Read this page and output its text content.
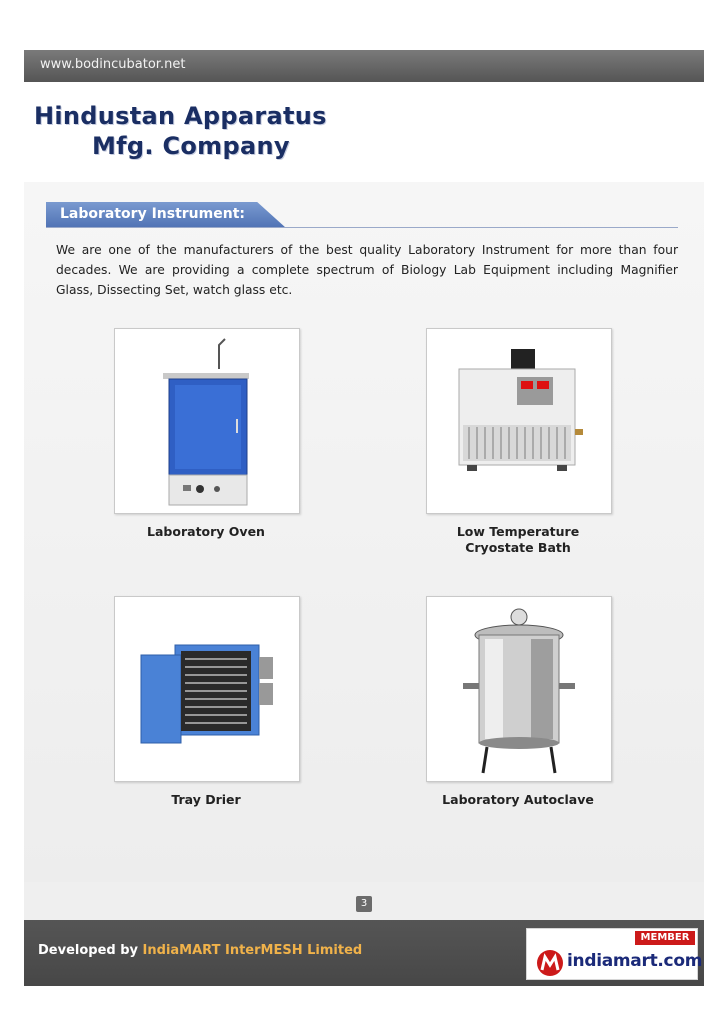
www.bodincubator.net
Hindustan Apparatus
Mfg. Company
Laboratory Instrument:

We are one of the manufacturers of the best quality Laboratory Instrument for more than four decades. We are providing a complete spectrum of Biology Lab Equipment including Magnifier Glass, Dissecting Set, watch glass etc.

Laboratory Oven	Low Temperature
Cryostate Bath
Tray Drier	Laboratory Autoclave
3
Developed by IndiaMART InterMESH Limited
MEMBER
indiamart.com
